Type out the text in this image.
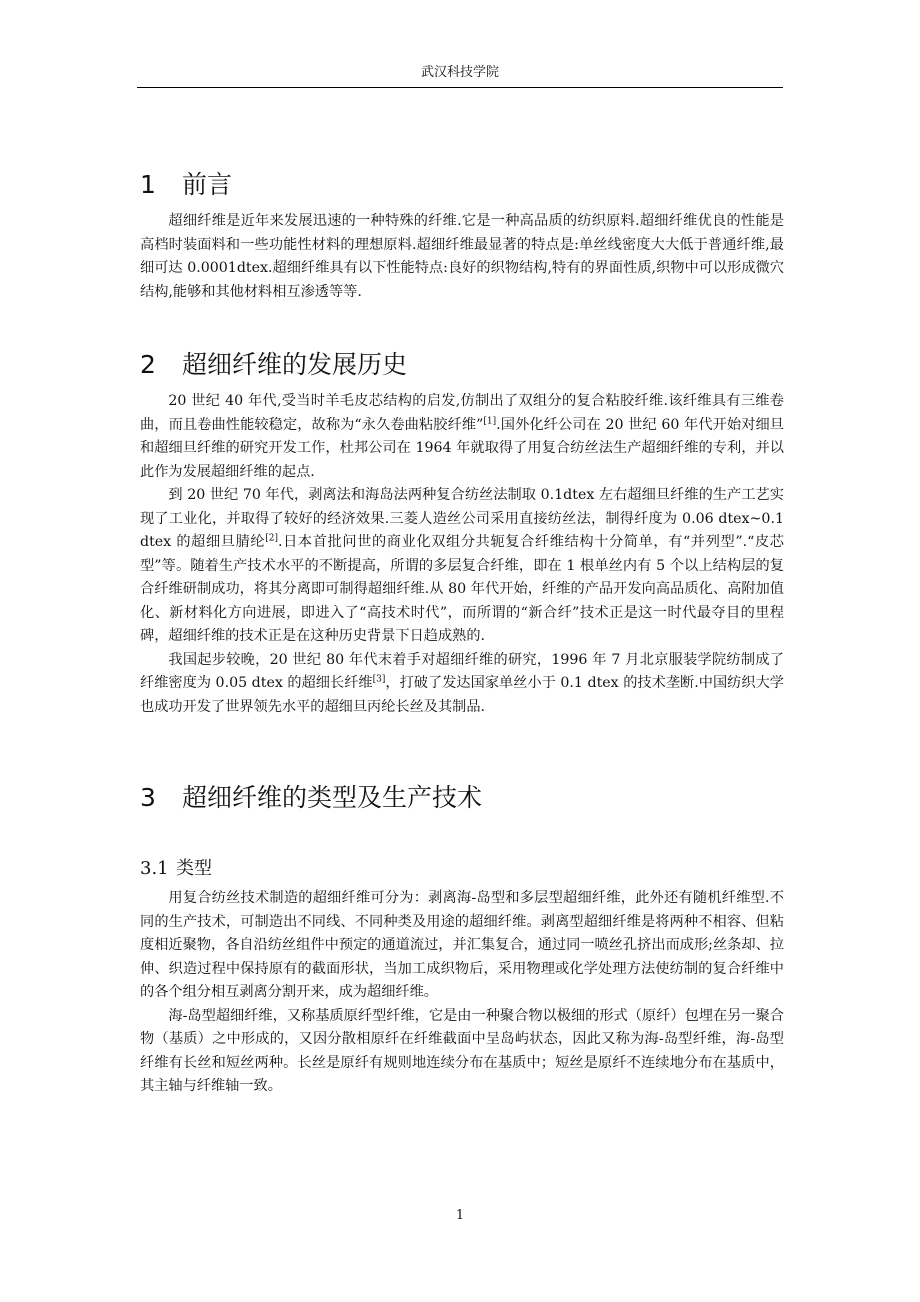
武汉科技学院
1 前言

超细纤维是近年来发展迅速的一种特殊的纤维.它是一种高品质的纺织原料.超细纤维优良的性能是高档时装面料和一些功能性材料的理想原料.超细纤维最显著的特点是:单丝线密度大大低于普通纤维,最细可达 0.0001dtex.超细纤维具有以下性能特点:良好的织物结构,特有的界面性质,织物中可以形成微穴结构,能够和其他材料相互渗透等等.

2 超细纤维的发展历史

20 世纪 40 年代,受当时羊毛皮芯结构的启发,仿制出了双组分的复合粘胶纤维.该纤维具有三维卷曲，而且卷曲性能较稳定，故称为“永久卷曲粘胶纤维”[1].国外化纤公司在 20 世纪 60 年代开始对细旦和超细旦纤维的研究开发工作，杜邦公司在 1964 年就取得了用复合纺丝法生产超细纤维的专利，并以此作为发展超细纤维的起点.

到 20 世纪 70 年代，剥离法和海岛法两种复合纺丝法制取 0.1dtex 左右超细旦纤维的生产工艺实现了工业化，并取得了较好的经济效果.三菱人造丝公司采用直接纺丝法，制得纤度为 0.06 dtex~0.1 dtex 的超细旦腈纶[2].日本首批问世的商业化双组分共轭复合纤维结构十分简单，有“并列型”.“皮芯型”等。随着生产技术水平的不断提高，所谓的多层复合纤维，即在 1 根单丝内有 5 个以上结构层的复合纤维研制成功，将其分离即可制得超细纤维.从 80 年代开始，纤维的产品开发向高品质化、高附加值化、新材料化方向进展，即进入了“高技术时代”，而所谓的“新合纤”技术正是这一时代最夺目的里程碑，超细纤维的技术正是在这种历史背景下日趋成熟的.

我国起步较晚，20 世纪 80 年代末着手对超细纤维的研究，1996 年 7 月北京服装学院纺制成了纤维密度为 0.05 dtex 的超细长纤维[3]，打破了发达国家单丝小于 0.1 dtex 的技术垄断.中国纺织大学也成功开发了世界领先水平的超细旦丙纶长丝及其制品.

3 超细纤维的类型及生产技术
3.1 类型

用复合纺丝技术制造的超细纤维可分为：剥离海-岛型和多层型超细纤维，此外还有随机纤维型.不同的生产技术，可制造出不同线、不同种类及用途的超细纤维。剥离型超细纤维是将两种不相容、但粘度相近聚物，各自沿纺丝组件中预定的通道流过，并汇集复合，通过同一喷丝孔挤出而成形;丝条却、拉伸、织造过程中保持原有的截面形状，当加工成织物后，采用物理或化学处理方法使纺制的复合纤维中的各个组分相互剥离分割开来，成为超细纤维。

海-岛型超细纤维，又称基质原纤型纤维，它是由一种聚合物以极细的形式（原纤）包埋在另一聚合物（基质）之中形成的，又因分散相原纤在纤维截面中呈岛屿状态，因此又称为海-岛型纤维，海-岛型纤维有长丝和短丝两种。长丝是原纤有规则地连续分布在基质中；短丝是原纤不连续地分布在基质中，其主轴与纤维轴一致。

1
